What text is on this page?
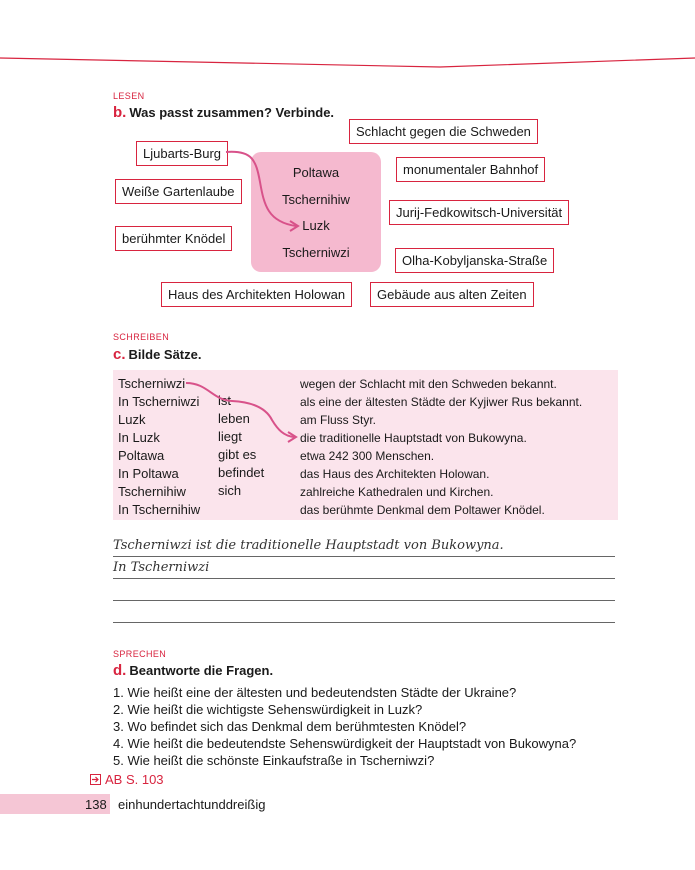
LESEN
b. Was passt zusammen? Verbinde.
Ljubarts-Burg
Weiße Gartenlaube
berühmter Knödel
Poltawa
Tschernihiw
Luzk
Tscherniwzi
Schlacht gegen die Schweden
monumentaler Bahnhof
Jurij-Fedkowitsch-Universität
Olha-Kobyljanska-Straße
Haus des Architekten Holowan	Gebäude aus alten Zeiten
SCHREIBEN
c. Bilde Sätze.
Tscherniwzi
In Tscherniwzi
Luzk
In Luzk
Poltawa
In Poltawa
Tschernihiw
In Tschernihiw
ist
leben
liegt
gibt es
befindet
sich
wegen der Schlacht mit den Schweden bekannt.
als eine der ältesten Städte der Kyjiwer Rus bekannt.
am Fluss Styr.
die traditionelle Hauptstadt von Bukowyna.
etwa 242 300 Menschen.
das Haus des Architekten Holowan.
zahlreiche Kathedralen und Kirchen.
das berühmte Denkmal dem Poltawer Knödel.
Tscherniwzi ist die traditionelle Hauptstadt von Bukowyna.
In Tscherniwzi
SPRECHEN
d. Beantworte die Fragen.
1. Wie heißt eine der ältesten und bedeutendsten Städte der Ukraine?
2. Wie heißt die wichtigste Sehenswürdigkeit in Luzk?
3. Wo befindet sich das Denkmal dem berühmtesten Knödel?
4. Wie heißt die bedeutendste Sehenswürdigkeit der Hauptstadt von Bukowyna?
5. Wie heißt die schönste Einkaufstraße in Tscherniwzi?
AB S. 103
138 einhundertachtunddreißig
